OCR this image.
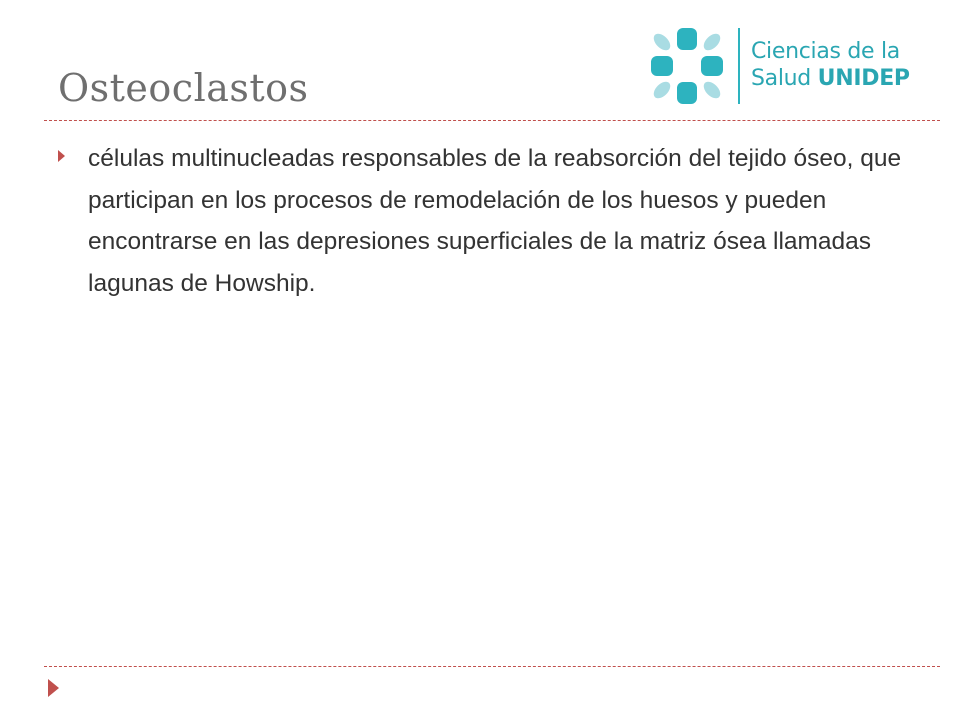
Osteoclastos
Ciencias de la
Salud UNIDEP

células multinucleadas responsables de la reabsorción del tejido óseo, que participan en los procesos de remodelación de los huesos y pueden encontrarse en las depresiones superficiales de la matriz ósea llamadas lagunas de Howship.
